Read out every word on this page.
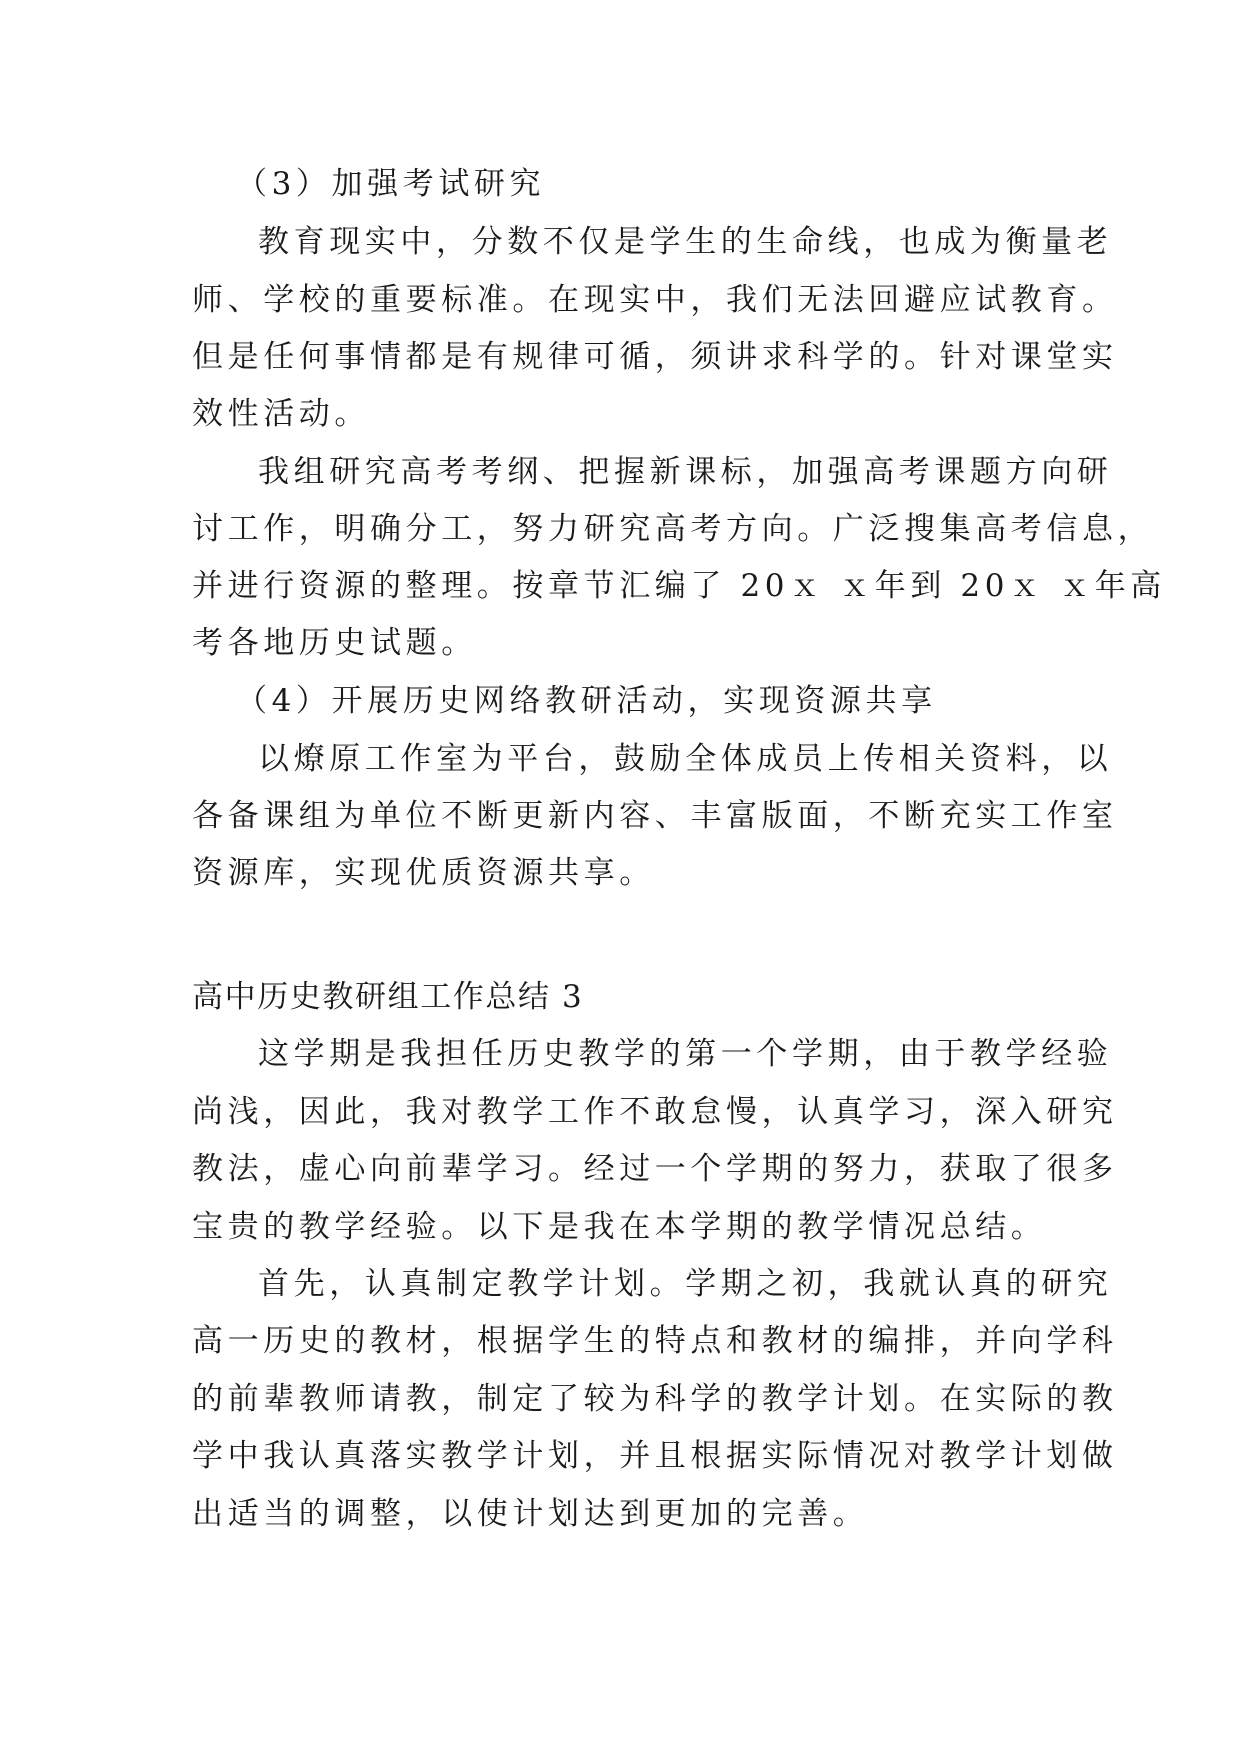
（3）加强考试研究

教育现实中，分数不仅是学生的生命线，也成为衡量老

师、学校的重要标准。在现实中，我们无法回避应试教育。

但是任何事情都是有规律可循，须讲求科学的。针对课堂实

效性活动。

我组研究高考考纲、把握新课标，加强高考课题方向研

讨工作，明确分工，努力研究高考方向。广泛搜集高考信息，

并进行资源的整理。按章节汇编了 20ｘ ｘ年到 20ｘ ｘ年高

考各地历史试题。

（4）开展历史网络教研活动，实现资源共享

以燎原工作室为平台，鼓励全体成员上传相关资料，以

各备课组为单位不断更新内容、丰富版面，不断充实工作室

资源库，实现优质资源共享。

高中历史教研组工作总结 3

这学期是我担任历史教学的第一个学期，由于教学经验

尚浅，因此，我对教学工作不敢怠慢，认真学习，深入研究

教法，虚心向前辈学习。经过一个学期的努力，获取了很多

宝贵的教学经验。以下是我在本学期的教学情况总结。

首先，认真制定教学计划。学期之初，我就认真的研究

高一历史的教材，根据学生的特点和教材的编排，并向学科

的前辈教师请教，制定了较为科学的教学计划。在实际的教

学中我认真落实教学计划，并且根据实际情况对教学计划做

出适当的调整，以使计划达到更加的完善。
